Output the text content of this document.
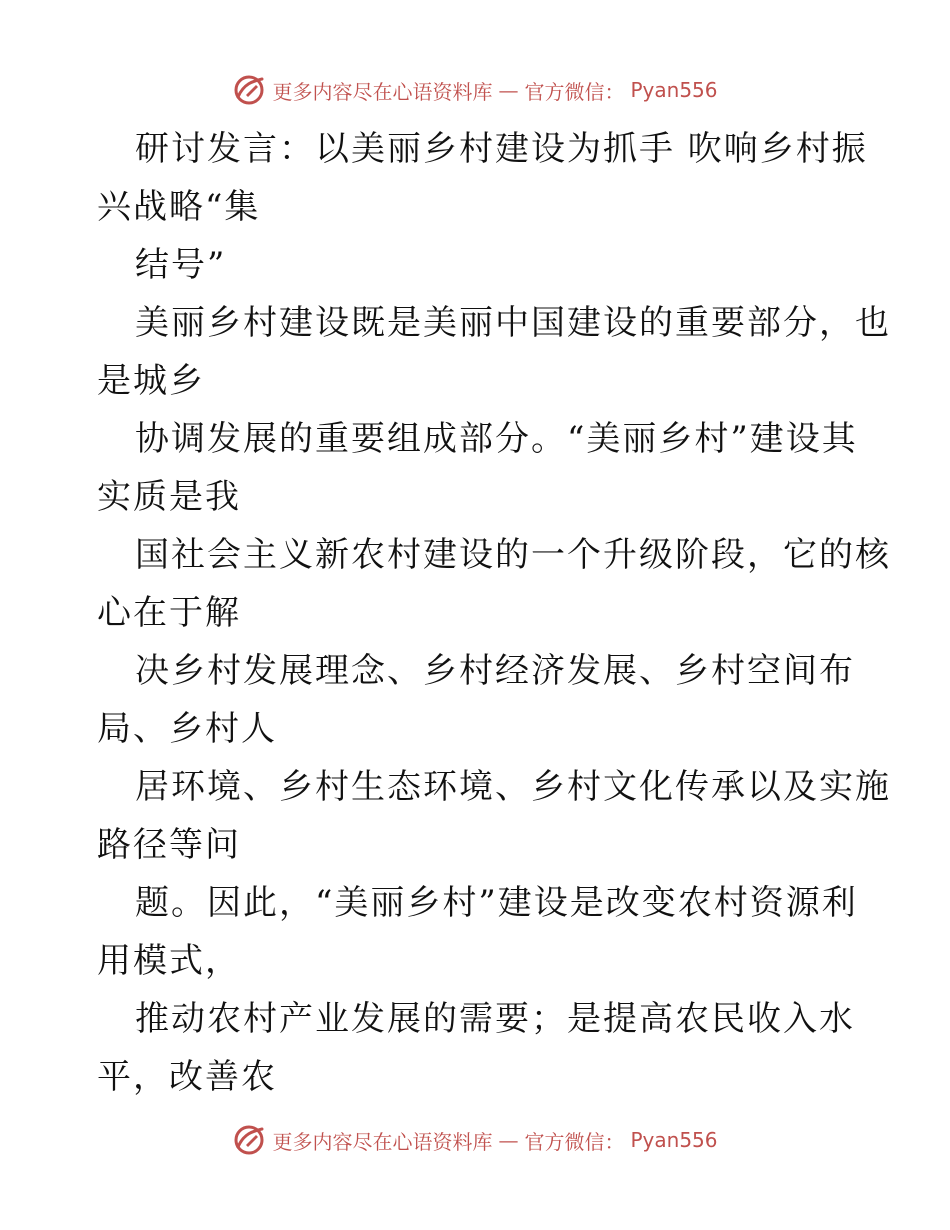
更多内容尽在心语资料库 — 官方微信： Pyan556
研讨发言：以美丽乡村建设为抓手 吹响乡村振
兴战略“集
结号”
美丽乡村建设既是美丽中国建设的重要部分，也
是城乡
协调发展的重要组成部分。“美丽乡村”建设其
实质是我
国社会主义新农村建设的一个升级阶段，它的核
心在于解
决乡村发展理念、乡村经济发展、乡村空间布
局、乡村人
居环境、乡村生态环境、乡村文化传承以及实施
路径等问
题。因此，“美丽乡村”建设是改变农村资源利
用模式，
推动农村产业发展的需要；是提高农民收入水
平，改善农
更多内容尽在心语资料库 — 官方微信： Pyan556
